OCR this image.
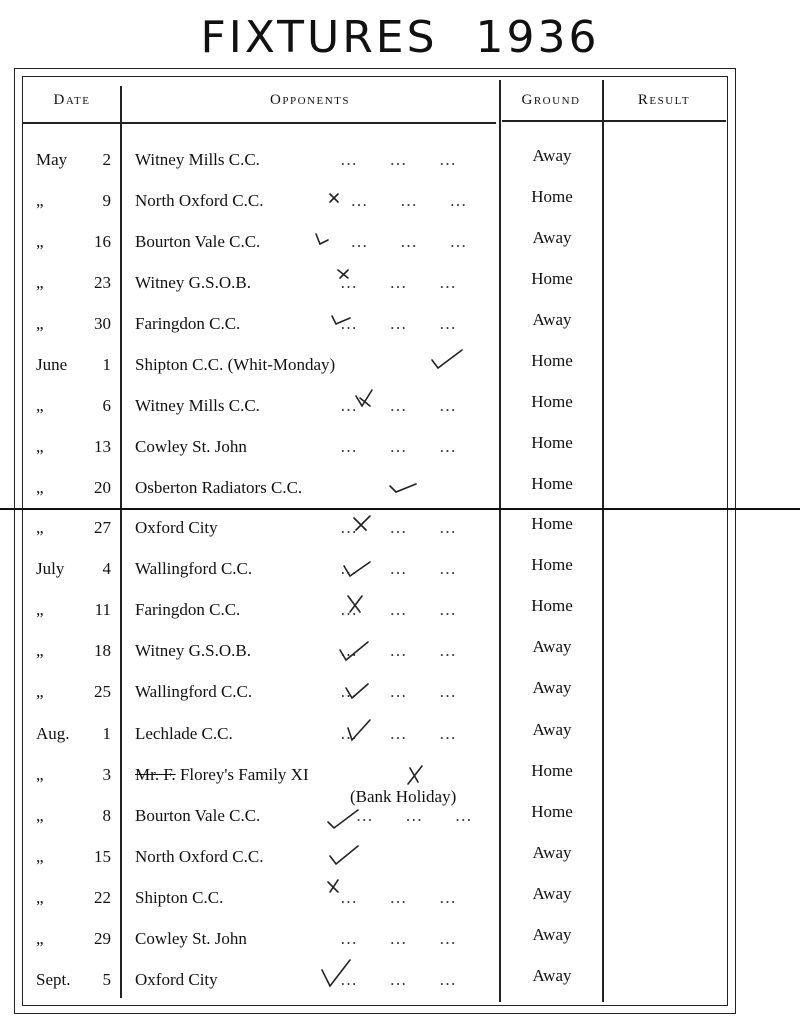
FIXTURES 1936
Date	Opponents	Ground	Result
May	2 Witney Mills C.C.	…      …      …	Away
„	9 North Oxford C.C.	…      …      …	Home
„	16 Bourton Vale C.C.	…      …      …	Away
„	23 Witney G.S.O.B.	…      …      …	Home
„	30 Faringdon C.C.	…      …      …	Away
June	1 Shipton C.C. (Whit-Monday)	Home
„	6 Witney Mills C.C.	…      …      …	Home
„	13 Cowley St. John	…      …      …	Home
„	20 Osberton Radiators C.C.	Home
„	27 Oxford City	…      …      …	Home
July	4 Wallingford C.C.	…      …      …	Home
„	11 Faringdon C.C.	…      …      …	Home
„	18 Witney G.S.O.B.	…      …      …	Away
„	25 Wallingford C.C.	…      …      …	Away
Aug.	1 Lechlade C.C.	…      …      …	Away
„	3 Mr. F. Florey's Family XI	Home
„	8 Bourton Vale C.C.	…      …      …	Home
„	15 North Oxford C.C.	Away
„	22 Shipton C.C.	…      …      …	Away
„	29 Cowley St. John	…      …      …	Away
Sept.	5 Oxford City	…      …      …	Away
(Bank Holiday)
